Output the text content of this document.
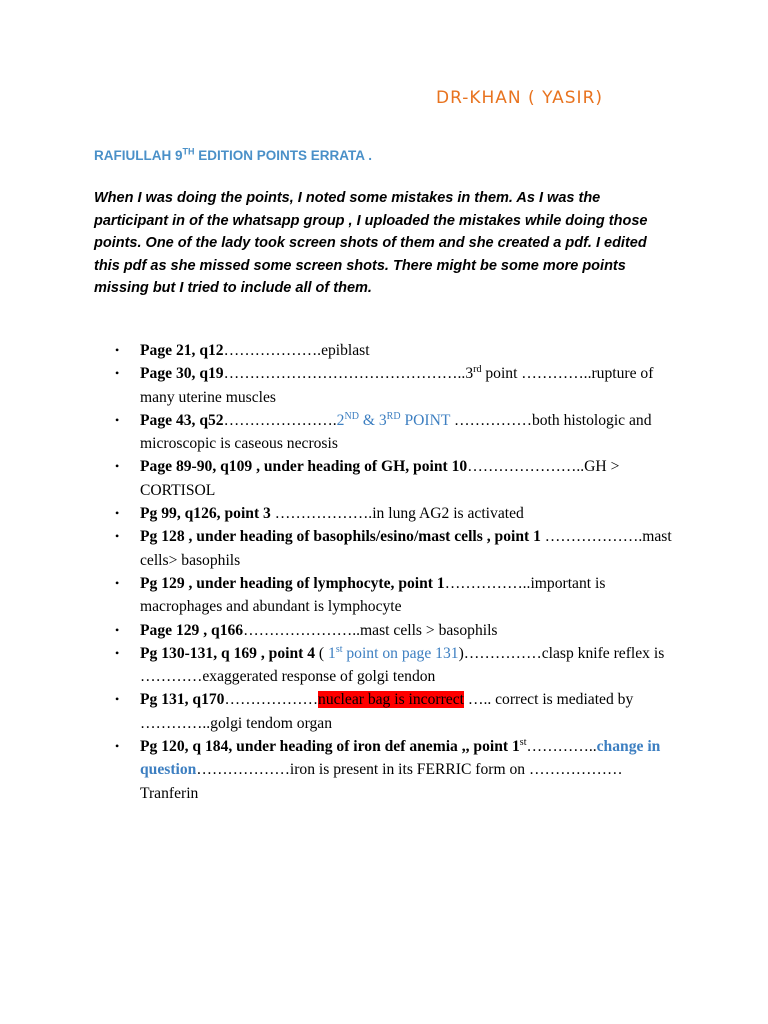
DR-KHAN ( YASIR)
RAFIULLAH 9TH EDITION POINTS ERRATA .
When I was doing the points, I noted some mistakes in them. As I was the participant in of the whatsapp group , I uploaded the mistakes while doing those points. One of the lady took screen shots of them and she created a pdf. I edited this pdf as she missed some screen shots. There might be some more points missing but I tried to include all of them.
• Page 21, q12……………….epiblast
• Page 30, q19………………………………………..3rd point …………..rupture of many uterine muscles
• Page 43, q52………………….2ND & 3RD POINT ……………both histologic and microscopic is caseous necrosis
• Page 89-90, q109 , under heading of GH, point 10…………………..GH > CORTISOL
• Pg 99, q126, point 3 ……………….in lung AG2 is activated
• Pg 128 , under heading of basophils/esino/mast cells , point 1 ……………….mast cells> basophils
• Pg 129 , under heading of lymphocyte, point 1……………..important is macrophages and abundant is lymphocyte
• Page 129 , q166…………………..mast cells > basophils
• Pg 130-131, q 169 , point 4 ( 1st point on page 131)……………clasp knife reflex is …………exaggerated response of golgi tendon
• Pg 131, q170………………nuclear bag is incorrect ….. correct is mediated by …………..golgi tendom organ
• Pg 120, q 184, under heading of iron def anemia ,, point 1st…………..change in question………………iron is present in its FERRIC form on ………………Tranferin
